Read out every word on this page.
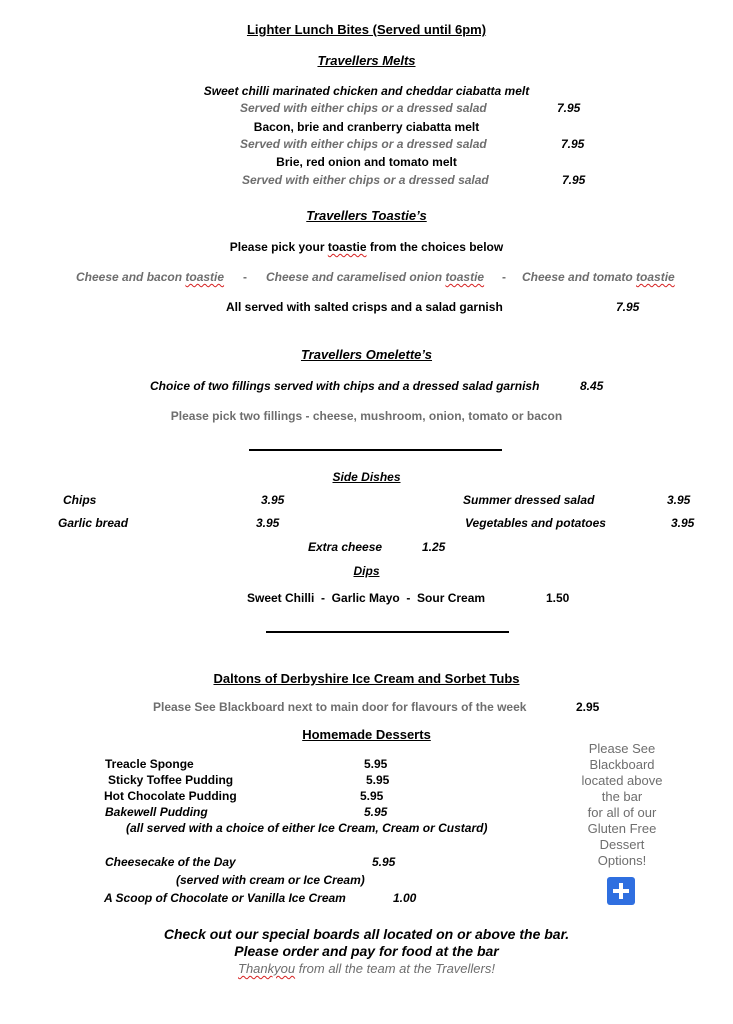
Lighter Lunch Bites (Served until 6pm)
Travellers Melts
Sweet chilli marinated chicken and cheddar ciabatta melt
Served with either chips or a dressed salad	7.95
Bacon, brie and cranberry ciabatta melt
Served with either chips or a dressed salad	7.95
Brie, red onion and tomato melt
Served with either chips or a dressed salad	7.95
Travellers Toastie’s
Please pick your toastie from the choices below
Cheese and bacon toastie - Cheese and caramelised onion toastie - Cheese and tomato toastie
All served with salted crisps and a salad garnish	7.95
Travellers Omelette’s
Choice of two fillings served with chips and a dressed salad garnish	8.45
Please pick two fillings - cheese, mushroom, onion, tomato or bacon
Side Dishes
Chips	3.95
Garlic bread	3.95
Summer dressed salad	3.95
Vegetables and potatoes	3.95
Extra cheese	1.25
Dips
Sweet Chilli  -  Garlic Mayo  -  Sour Cream	1.50
Daltons of Derbyshire Ice Cream and Sorbet Tubs
Please See Blackboard next to main door for flavours of the week	2.95
Homemade Desserts
Treacle Sponge	5.95
Sticky Toffee Pudding	5.95
Hot Chocolate Pudding	5.95
Bakewell Pudding	5.95
(all served with a choice of either Ice Cream, Cream or Custard)
Cheesecake of the Day	5.95
(served with cream or Ice Cream)
A Scoop of Chocolate or Vanilla Ice Cream	1.00
Please See
Blackboard
located above
the bar
for all of our
Gluten Free
Dessert
Options!
Check out our special boards all located on or above the bar.
Please order and pay for food at the bar
Thankyou from all the team at the Travellers!
